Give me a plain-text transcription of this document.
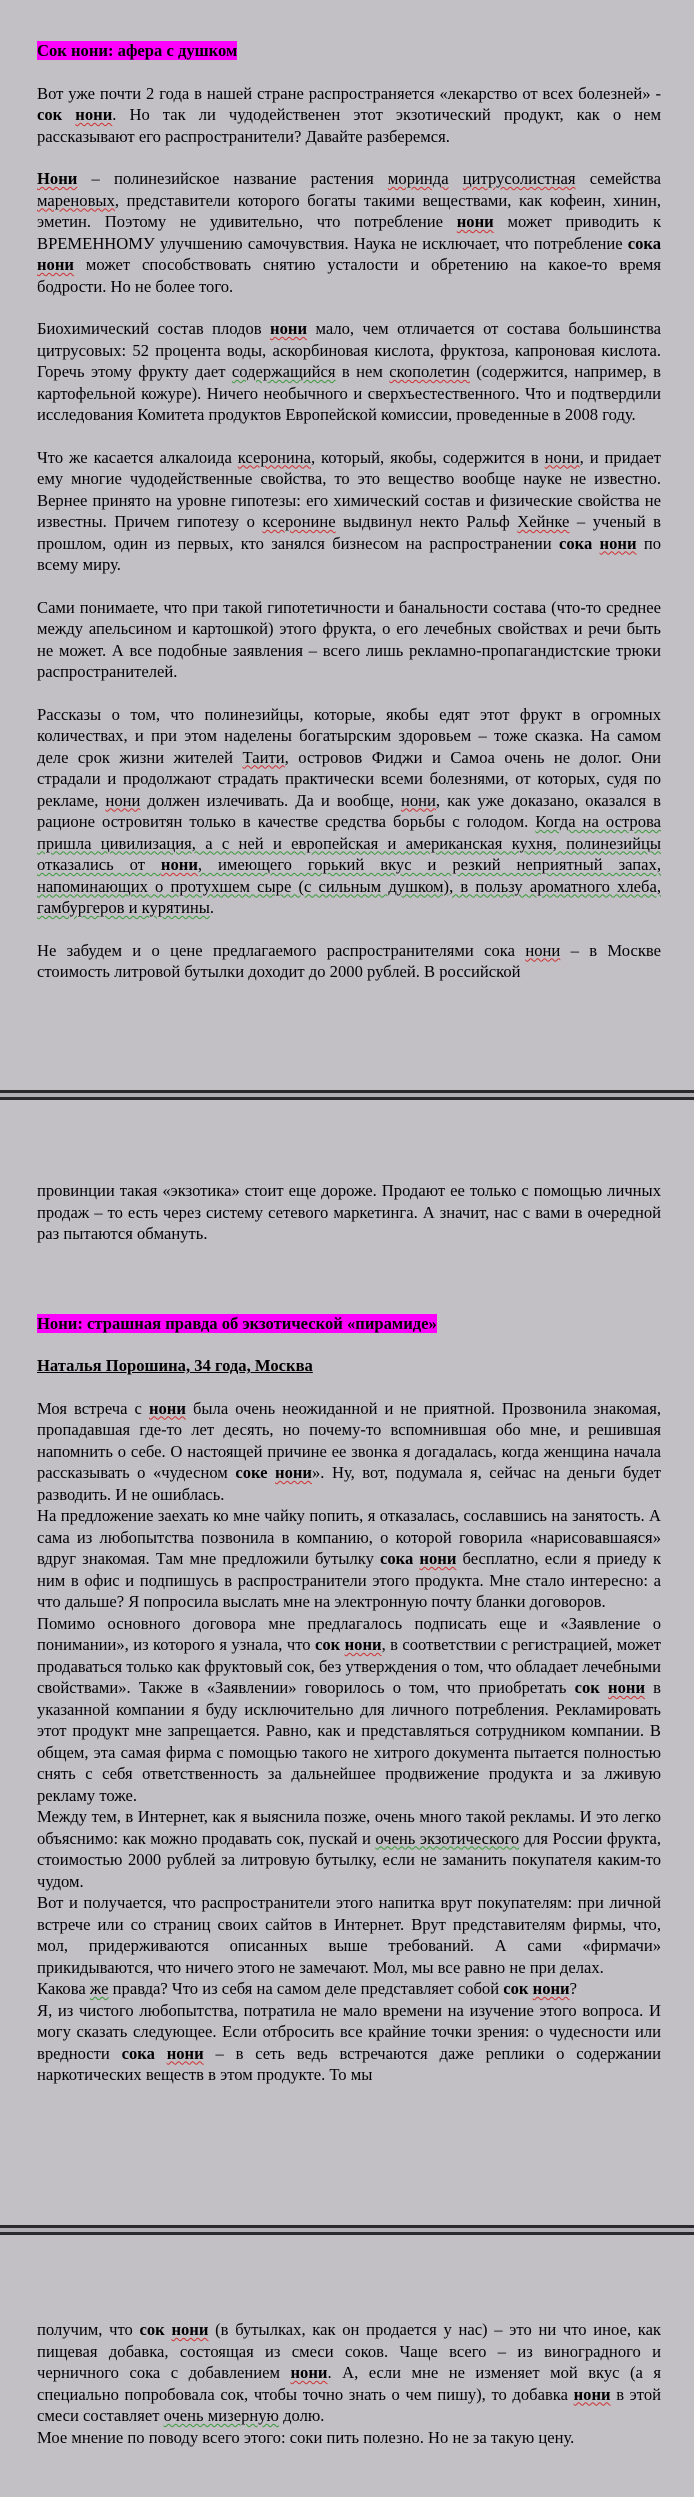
Сок нони: афера с душком

Вот уже почти 2 года в нашей стране распространяется «лекарство от всех болезней» - сок нони. Но так ли чудодейственен этот экзотический продукт, как о нем рассказывают его распространители? Давайте разберемся.

Нони – полинезийское название растения моринда цитрусолистная семейства мареновых, представители которого богаты такими веществами, как кофеин, хинин, эметин. Поэтому не удивительно, что потребление нони может приводить к ВРЕМЕННОМУ улучшению самочувствия. Наука не исключает, что потребление сока нони может способствовать снятию усталости и обретению на какое-то время бодрости. Но не более того.

Биохимический состав плодов нони мало, чем отличается от состава большинства цитрусовых: 52 процента воды, аскорбиновая кислота, фруктоза, капроновая кислота. Горечь этому фрукту дает содержащийся в нем скополетин (содержится, например, в картофельной кожуре). Ничего необычного и сверхъестественного. Что и подтвердили исследования Комитета продуктов Европейской комиссии, проведенные в 2008 году.

Что же касается алкалоида ксеронина, который, якобы, содержится в нони, и придает ему многие чудодейственные свойства, то это вещество вообще науке не известно. Вернее принято на уровне гипотезы: его химический состав и физические свойства не известны. Причем гипотезу о ксеронине выдвинул некто Ральф Хейнке – ученый в прошлом, один из первых, кто занялся бизнесом на распространении сока нони по всему миру.

Сами понимаете, что при такой гипотетичности и банальности состава (что-то среднее между апельсином и картошкой) этого фрукта, о его лечебных свойствах и речи быть не может. А все подобные заявления – всего лишь рекламно-пропагандистские трюки распространителей.

Рассказы о том, что полинезийцы, которые, якобы едят этот фрукт в огромных количествах, и при этом наделены богатырским здоровьем – тоже сказка. На самом деле срок жизни жителей Таити, островов Фиджи и Самоа очень не долог. Они страдали и продолжают страдать практически всеми болезнями, от которых, судя по рекламе, нони должен излечивать. Да и вообще, нони, как уже доказано, оказался в рационе островитян только в качестве средства борьбы с голодом. Когда на острова пришла цивилизация, а с ней и европейская и американская кухня, полинезийцы отказались от нони, имеющего горький вкус и резкий неприятный запах, напоминающих о протухшем сыре (с сильным душком), в пользу ароматного хлеба, гамбургеров и курятины.

Не забудем и о цене предлагаемого распространителями сока нони – в Москве стоимость литровой бутылки доходит до 2000 рублей. В российской

провинции такая «экзотика» стоит еще дороже. Продают ее только с помощью личных продаж – то есть через систему сетевого маркетинга. А значит, нас с вами в очередной раз пытаются обмануть.

Нони: страшная правда об экзотической «пирамиде»

Наталья Порошина, 34 года, Москва

Моя встреча с нони была очень неожиданной и не приятной. Прозвонила знакомая, пропадавшая где-то лет десять, но почему-то вспомнившая обо мне, и решившая напомнить о себе. О настоящей причине ее звонка я догадалась, когда женщина начала рассказывать о «чудесном соке нони». Ну, вот, подумала я, сейчас на деньги будет разводить. И не ошиблась.

На предложение заехать ко мне чайку попить, я отказалась, сославшись на занятость. А сама из любопытства позвонила в компанию, о которой говорила «нарисовавшаяся» вдруг знакомая. Там мне предложили бутылку сока нони бесплатно, если я приеду к ним в офис и подпишусь в распространители этого продукта. Мне стало интересно: а что дальше? Я попросила выслать мне на электронную почту бланки договоров.

Помимо основного договора мне предлагалось подписать еще и «Заявление о понимании», из которого я узнала, что сок нони, в соответствии с регистрацией, может продаваться только как фруктовый сок, без утверждения о том, что обладает лечебными свойствами». Также в «Заявлении» говорилось о том, что приобретать сок нони в указанной компании я буду исключительно для личного потребления. Рекламировать этот продукт мне запрещается. Равно, как и представляться сотрудником компании. В общем, эта самая фирма с помощью такого не хитрого документа пытается полностью снять с себя ответственность за дальнейшее продвижение продукта и за лживую рекламу тоже.

Между тем, в Интернет, как я выяснила позже, очень много такой рекламы. И это легко объяснимо: как можно продавать сок, пускай и очень экзотического для России фрукта, стоимостью 2000 рублей за литровую бутылку, если не заманить покупателя каким-то чудом.

Вот и получается, что распространители этого напитка врут покупателям: при личной встрече или со страниц своих сайтов в Интернет. Врут представителям фирмы, что, мол, придерживаются описанных выше требований. А сами «фирмачи» прикидываются, что ничего этого не замечают. Мол, мы все равно не при делах.

Какова же правда? Что из себя на самом деле представляет собой сок нони?

Я, из чистого любопытства, потратила не мало времени на изучение этого вопроса. И могу сказать следующее. Если отбросить все крайние точки зрения: о чудесности или вредности сока нони – в сеть ведь встречаются даже реплики о содержании наркотических веществ в этом продукте. То мы

получим, что сок нони (в бутылках, как он продается у нас) – это ни что иное, как пищевая добавка, состоящая из смеси соков. Чаще всего – из виноградного и черничного сока с добавлением нони. А, если мне не изменяет мой вкус (а я специально попробовала сок, чтобы точно знать о чем пишу), то добавка нони в этой смеси составляет очень мизерную долю.

Мое мнение по поводу всего этого: соки пить полезно. Но не за такую цену.
